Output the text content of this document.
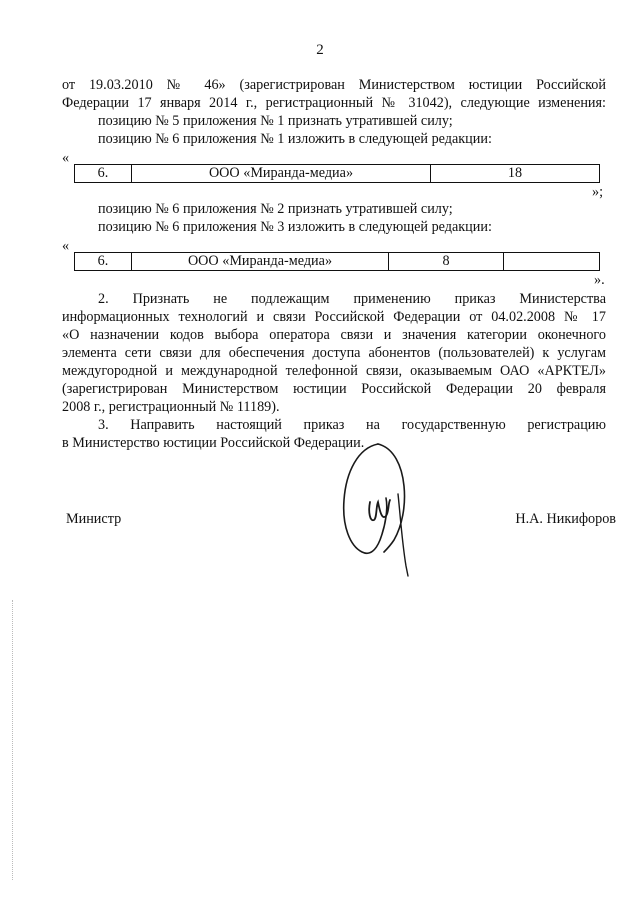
2
от 19.03.2010 № 46» (зарегистрирован Министерством юстиции Российской
Федерации 17 января 2014 г., регистрационный № 31042), следующие изменения:
позицию № 5 приложения № 1 признать утратившей силу;
позицию № 6 приложения № 1 изложить в следующей редакции:
«
6.	ООО «Миранда-медиа»	18
»;
позицию № 6 приложения № 2 признать утратившей силу;
позицию № 6 приложения № 3 изложить в следующей редакции:
«
6.	ООО «Миранда-медиа»	8	
».
2. Признать не подлежащим применению приказ Министерства
информационных технологий и связи Российской Федерации от 04.02.2008 № 17
«О назначении кодов выбора оператора связи и значения категории оконечного
элемента сети связи для обеспечения доступа абонентов (пользователей) к услугам
междугородной и международной телефонной связи, оказываемым ОАО «АРКТЕЛ»
(зарегистрирован Министерством юстиции Российской Федерации 20 февраля
2008 г., регистрационный № 11189).
3. Направить настоящий приказ на государственную регистрацию
в Министерство юстиции Российской Федерации.
Министр	Н.А. Никифоров
